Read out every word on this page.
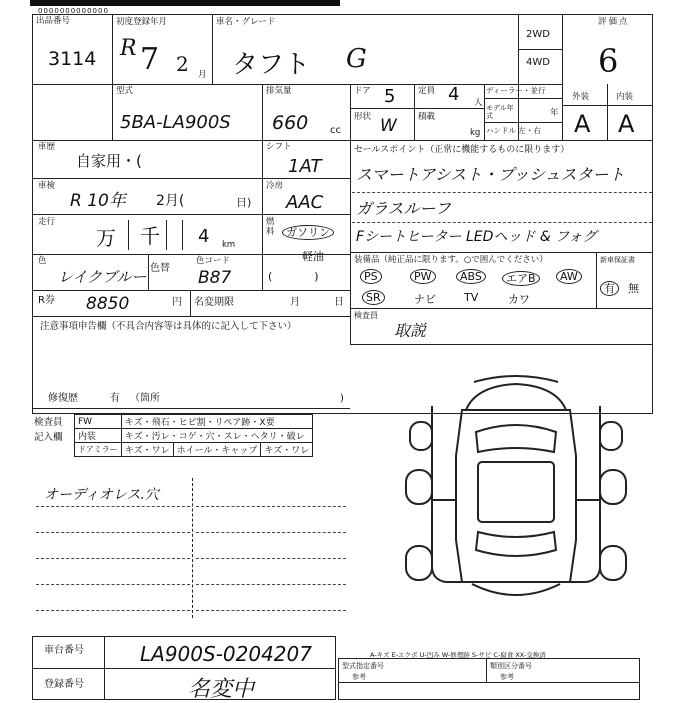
0000000000000
出品番号
3114
初度登録年月
R 7 2 月
車名・グレード
タフト G
2WD
4WD
評価点
6
型式
5BA-LA900S
排気量
660 cc
ドア 5	定員 4 人
形状 W 積載
kg
ディーラー・並行
モデル年式	年
ハンドル 左・右
外装	内装
A A
車歴
自家用・(
車検
R 10年 2月(	日)
走行
万 千 4 km
シフト
1AT
冷房
AAC
燃料	ガソリン
軽油
(            )
色
レイクブルー 色替
色コード
B87
R券 8850	円 名変期限	月	日
セールスポイント（正常に機能するものに限ります）
スマートアシスト・プッシュスタート
ガラスルーフ
Fシートヒーター LEDヘッド & フォグ
装備品（純正品に限ります。○で囲んでください）	新車保証書
PS	PW	ABS	エアB	AW
SR	ナビ	TV	カワ
有	無
検査員
取説
注意事項申告欄（不具合内容等は具体的に記入して下さい）
修復歴	有 （箇所	)
検査員
記入欄
FW	キズ・飛石・ヒビ割・リペア跡・X要		
内装	キズ・汚レ・コゲ・穴・スレ・ヘタリ・破レ		
ドアミラー	キズ・ワレ	ホイール・キャップ	キズ・ワレ
オーディオレス.穴
車台番号	LA900S-0204207
登録番号	名変中
A-キズ E-エクボ U-凹み W-修理跡 S-サビ C-腐食 XX-交換済
型式指定番号
参考
類別区分番号
参考
